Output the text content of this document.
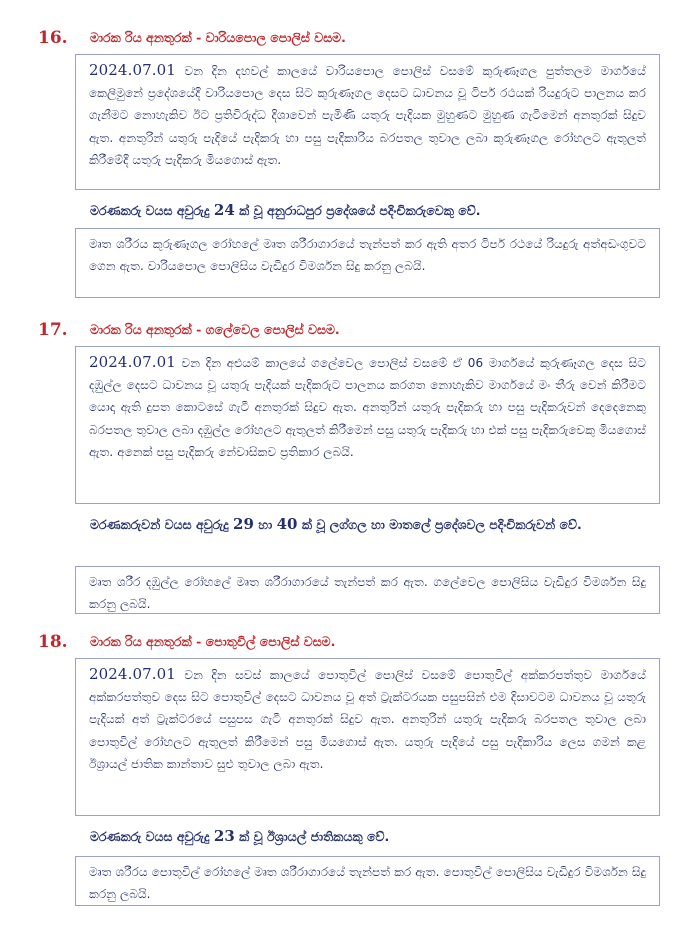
16. මාරක රිය අනතුරක් - වාරියපොල පොලිස් වසම.

2024.07.01 වන දින දහවල් කාලයේ වාරියපොල පොලිස් වසමේ කුරුණෑගල පුත්තලම මාර්ගයේ කෙලිමුනේ ප්‍රදේශයේදී වාරියපොල දෙස සිට කුරුණෑගල දෙසට ධාවනය වූ ටිපර් රථයක් රියදුරුට පාලනය කර ගැනීමට නොහැකිව ඊට ප්‍රතිවිරුද්ධ දිශාවෙන් පැමිණි යතුරු පැදියක මුහුණට මුහුණ ගැටීමෙන් අනතුරක් සිදුව ඇත. අනතුරින් යතුරු පැදියේ පැදිකරු හා පසු පැදිකාරිය බරපතල තුවාල ලබා කුරුණෑගල රෝහලට ඇතුලත් කිරීමේදී යතුරු පැදිකරු මියගොස් ඇත.

මරණකරු වයස අවුරුදු 24 ක් වූ අනුරාධපුර ප්‍රදේශයේ පදිංචිකරුවෙකු වේ.

මෘත ශරීරය කුරුණෑගල රෝහලේ මෘත ශරීරාගාරයේ තැන්පත් කර ඇති අතර ටිපර් රථයේ රියදුරු අත්අඩංගුවට ගෙන ඇත. වාරියපොල පොලිසිය වැඩිදුර විමර්ශන සිදු කරනු ලබයි.

17. මාරක රිය අනතුරක් - ගලේවෙල පොලිස් වසම.

2024.07.01 වන දින අළුයම් කාලයේ ගලේවෙල පොලිස් වසමේ ඒ 06 මාර්ගයේ කුරුණෑගල දෙස සිට දඹුල්ල දෙසට ධාවනය වූ යතුරු පැදියක් පැදිකරුට පාලනය කරගත නොහැකිව මාර්ගයේ මං තීරු වෙන් කිරීමට යොදා ඇති දුපත කොටසේ ගැටී අනතුරක් සිදුව ඇත. අනතුරින් යතුරු පැදිකරු හා පසු පැදිකරුවන් දෙදෙනෙකු බරපතල තුවාල ලබා දඹුල්ල රෝහලට ඇතුලත් කිරීමෙන් පසු යතුරු පැදිකරු හා එක් පසු පැදිකරුවෙකු මියගොස් ඇත. අනෙක් පසු පැදිකරු නේවාසිකව ප්‍රතිකාර ලබයි.

මරණකරුවන් වයස අවුරුදු 29 හා 40 ක් වූ ලග්ගල හා මාතලේ ප්‍රදේශවල පදිංචිකරුවන් වේ.

මෘත ශරීර දඹුල්ල රෝහලේ මෘත ශරීරාගාරයේ තැන්පත් කර ඇත. ගලේවෙල පොලිසිය වැඩිදුර විමර්ශන සිදු කරනු ලබයි.

18. මාරක රිය අනතුරක් - පොතුවිල් පොලිස් වසම.

2024.07.01 වන දින සවස් කාලයේ පොතුවිල් පොලිස් වසමේ පොතුවිල් අක්කරපත්තුව මාර්ගයේ අක්කරපත්තුව දෙස සිට පොතුවිල් දෙසට ධාවනය වූ අත් ට්‍රැක්ටරයක පසුපසින් එම දිසාවටම ධාවනය වූ යතුරු පැදියක් අත් ට්‍රැක්ටරයේ පසුපස ගැටී අනතුරක් සිදුව ඇත. අනතුරින් යතුරු පැදිකරු බරපතල තුවාල ලබා පොතුවිල් රෝහලට ඇතුලත් කිරීමෙන් පසු මියගොස් ඇත. යතුරු පැදියේ පසු පැදිකාරිය ලෙස ගමන් කළ ඊශ්‍රායල් ජාතික කාන්තාව සුළු තුවාල ලබා ඇත.

මරණකරු වයස අවුරුදු 23 ක් වූ ඊශ්‍රායල් ජාතිකයකු වේ.

මෘත ශරීරය පොතුවිල් රෝහලේ මෘත ශරීරාගාරයේ තැන්පත් කර ඇත. පොතුවිල් පොලිසිය වැඩිදුර විමර්ශන සිදු කරනු ලබයි.
